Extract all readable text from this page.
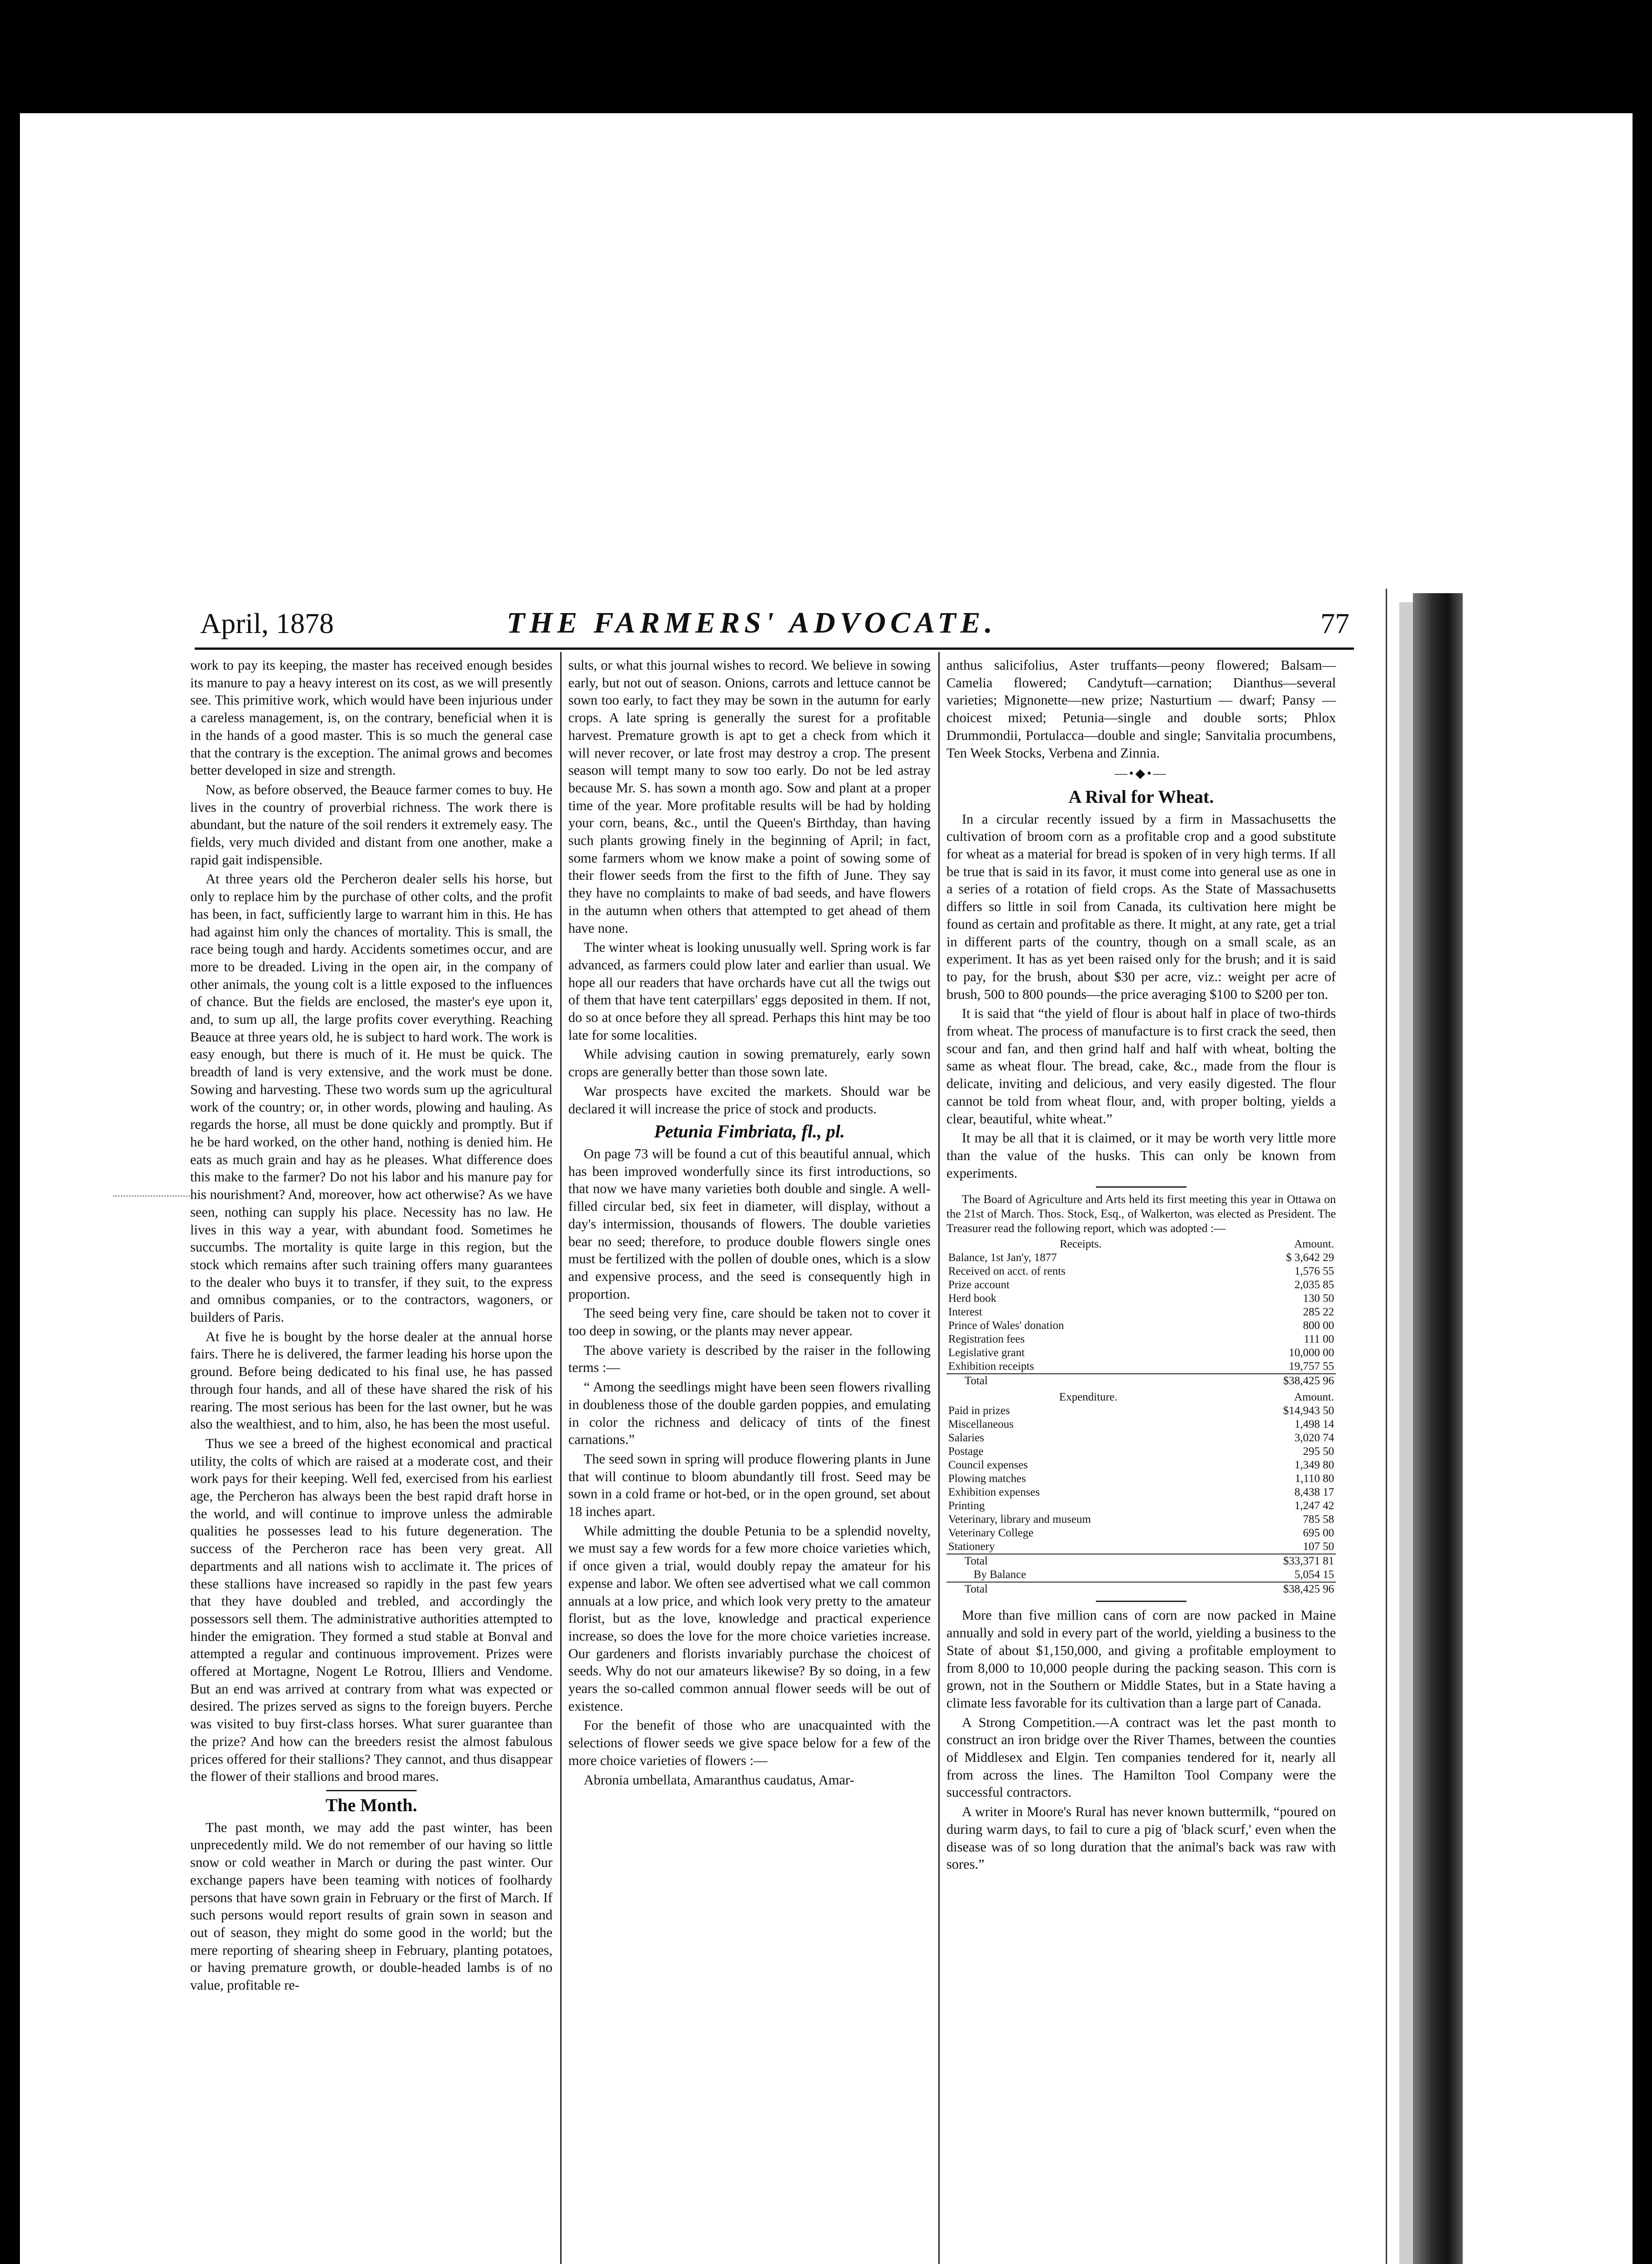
April, 1878	THE FARMERS' ADVOCATE.	77

work to pay its keeping, the master has received enough besides its manure to pay a heavy interest on its cost, as we will presently see. This primitive work, which would have been injurious under a careless management, is, on the contrary, beneficial when it is in the hands of a good master. This is so much the general case that the contrary is the exception. The animal grows and becomes better developed in size and strength.

Now, as before observed, the Beauce farmer comes to buy. He lives in the country of proverbial richness. The work there is abundant, but the nature of the soil renders it extremely easy. The fields, very much divided and distant from one another, make a rapid gait indispensible.

At three years old the Percheron dealer sells his horse, but only to replace him by the purchase of other colts, and the profit has been, in fact, sufficiently large to warrant him in this. He has had against him only the chances of mortality. This is small, the race being tough and hardy. Accidents sometimes occur, and are more to be dreaded. Living in the open air, in the company of other animals, the young colt is a little exposed to the influences of chance. But the fields are enclosed, the master's eye upon it, and, to sum up all, the large profits cover everything. Reaching Beauce at three years old, he is subject to hard work. The work is easy enough, but there is much of it. He must be quick. The breadth of land is very extensive, and the work must be done. Sowing and harvesting. These two words sum up the agricultural work of the country; or, in other words, plowing and hauling. As regards the horse, all must be done quickly and promptly. But if he be hard worked, on the other hand, nothing is denied him. He eats as much grain and hay as he pleases. What difference does this make to the farmer? Do not his labor and his manure pay for his nourishment? And, moreover, how act otherwise? As we have seen, nothing can supply his place. Necessity has no law. He lives in this way a year, with abundant food. Sometimes he succumbs. The mortality is quite large in this region, but the stock which remains after such training offers many guarantees to the dealer who buys it to transfer, if they suit, to the express and omnibus companies, or to the contractors, wagoners, or builders of Paris.

At five he is bought by the horse dealer at the annual horse fairs. There he is delivered, the farmer leading his horse upon the ground. Before being dedicated to his final use, he has passed through four hands, and all of these have shared the risk of his rearing. The most serious has been for the last owner, but he was also the wealthiest, and to him, also, he has been the most useful.

Thus we see a breed of the highest economical and practical utility, the colts of which are raised at a moderate cost, and their work pays for their keeping. Well fed, exercised from his earliest age, the Percheron has always been the best rapid draft horse in the world, and will continue to improve unless the admirable qualities he possesses lead to his future degeneration. The success of the Percheron race has been very great. All departments and all nations wish to acclimate it. The prices of these stallions have increased so rapidly in the past few years that they have doubled and trebled, and accordingly the possessors sell them. The administrative authorities attempted to hinder the emigration. They formed a stud stable at Bonval and attempted a regular and continuous improvement. Prizes were offered at Mortagne, Nogent Le Rotrou, Illiers and Vendome. But an end was arrived at contrary from what was expected or desired. The prizes served as signs to the foreign buyers. Perche was visited to buy first-class horses. What surer guarantee than the prize? And how can the breeders resist the almost fabulous prices offered for their stallions? They cannot, and thus disappear the flower of their stallions and brood mares.

The Month.

The past month, we may add the past winter, has been unprecedently mild. We do not remember of our having so little snow or cold weather in March or during the past winter. Our exchange papers have been teaming with notices of foolhardy persons that have sown grain in February or the first of March. If such persons would report results of grain sown in season and out of season, they might do some good in the world; but the mere reporting of shearing sheep in February, planting potatoes, or having premature growth, or double-headed lambs is of no value, profitable re-

sults, or what this journal wishes to record. We believe in sowing early, but not out of season. Onions, carrots and lettuce cannot be sown too early, to fact they may be sown in the autumn for early crops. A late spring is generally the surest for a profitable harvest. Premature growth is apt to get a check from which it will never recover, or late frost may destroy a crop. The present season will tempt many to sow too early. Do not be led astray because Mr. S. has sown a month ago. Sow and plant at a proper time of the year. More profitable results will be had by holding your corn, beans, &c., until the Queen's Birthday, than having such plants growing finely in the beginning of April; in fact, some farmers whom we know make a point of sowing some of their flower seeds from the first to the fifth of June. They say they have no complaints to make of bad seeds, and have flowers in the autumn when others that attempted to get ahead of them have none.

The winter wheat is looking unusually well. Spring work is far advanced, as farmers could plow later and earlier than usual. We hope all our readers that have orchards have cut all the twigs out of them that have tent caterpillars' eggs deposited in them. If not, do so at once before they all spread. Perhaps this hint may be too late for some localities.

While advising caution in sowing prematurely, early sown crops are generally better than those sown late.

War prospects have excited the markets. Should war be declared it will increase the price of stock and products.

Petunia Fimbriata, fl., pl.

On page 73 will be found a cut of this beautiful annual, which has been improved wonderfully since its first introductions, so that now we have many varieties both double and single. A well-filled circular bed, six feet in diameter, will display, without a day's intermission, thousands of flowers. The double varieties bear no seed; therefore, to produce double flowers single ones must be fertilized with the pollen of double ones, which is a slow and expensive process, and the seed is consequently high in proportion.

The seed being very fine, care should be taken not to cover it too deep in sowing, or the plants may never appear.

The above variety is described by the raiser in the following terms :—

“ Among the seedlings might have been seen flowers rivalling in doubleness those of the double garden poppies, and emulating in color the richness and delicacy of tints of the finest carnations.”

The seed sown in spring will produce flowering plants in June that will continue to bloom abundantly till frost. Seed may be sown in a cold frame or hot-bed, or in the open ground, set about 18 inches apart.

While admitting the double Petunia to be a splendid novelty, we must say a few words for a few more choice varieties which, if once given a trial, would doubly repay the amateur for his expense and labor. We often see advertised what we call common annuals at a low price, and which look very pretty to the amateur florist, but as the love, knowledge and practical experience increase, so does the love for the more choice varieties increase. Our gardeners and florists invariably purchase the choicest of seeds. Why do not our amateurs likewise? By so doing, in a few years the so-called common annual flower seeds will be out of existence.

For the benefit of those who are unacquainted with the selections of flower seeds we give space below for a few of the more choice varieties of flowers :—

Abronia umbellata, Amaranthus caudatus, Amar-

anthus salicifolius, Aster truffants—peony flowered; Balsam—Camelia flowered; Candytuft—carnation; Dianthus—several varieties; Mignonette—new prize; Nasturtium — dwarf; Pansy — choicest mixed; Petunia—single and double sorts; Phlox Drummondii, Portulacca—double and single; Sanvitalia procumbens, Ten Week Stocks, Verbena and Zinnia.

—•◆•—
A Rival for Wheat.

In a circular recently issued by a firm in Massachusetts the cultivation of broom corn as a profitable crop and a good substitute for wheat as a material for bread is spoken of in very high terms. If all be true that is said in its favor, it must come into general use as one in a series of a rotation of field crops. As the State of Massachusetts differs so little in soil from Canada, its cultivation here might be found as certain and profitable as there. It might, at any rate, get a trial in different parts of the country, though on a small scale, as an experiment. It has as yet been raised only for the brush; and it is said to pay, for the brush, about $30 per acre, viz.: weight per acre of brush, 500 to 800 pounds—the price averaging $100 to $200 per ton.

It is said that “the yield of flour is about half in place of two-thirds from wheat. The process of manufacture is to first crack the seed, then scour and fan, and then grind half and half with wheat, bolting the same as wheat flour. The bread, cake, &c., made from the flour is delicate, inviting and delicious, and very easily digested. The flour cannot be told from wheat flour, and, with proper bolting, yields a clear, beautiful, white wheat.”

It may be all that it is claimed, or it may be worth very little more than the value of the husks. This can only be known from experiments.

The Board of Agriculture and Arts held its first meeting this year in Ottawa on the 21st of March. Thos. Stock, Esq., of Walkerton, was elected as President. The Treasurer read the following report, which was adopted :—

Receipts.	Amount.
Balance, 1st Jan'y, 1877	$ 3,642 29
Received on acct. of rents	1,576 55
Prize account	2,035 85
Herd book	130 50
Interest	285 22
Prince of Wales' donation	800 00
Registration fees	111 00
Legislative grant	10,000 00
Exhibition receipts	19,757 55
Total	$38,425 96
Expenditure.	Amount.
Paid in prizes	$14,943 50
Miscellaneous	1,498 14
Salaries	3,020 74
Postage	295 50
Council expenses	1,349 80
Plowing matches	1,110 80
Exhibition expenses	8,438 17
Printing	1,247 42
Veterinary, library and museum	785 58
Veterinary College	695 00
Stationery	107 50
Total	$33,371 81
By Balance	5,054 15
Total	$38,425 96

More than five million cans of corn are now packed in Maine annually and sold in every part of the world, yielding a business to the State of about $1,150,000, and giving a profitable employment to from 8,000 to 10,000 people during the packing season. This corn is grown, not in the Southern or Middle States, but in a State having a climate less favorable for its cultivation than a large part of Canada.

A Strong Competition.—A contract was let the past month to construct an iron bridge over the River Thames, between the counties of Middlesex and Elgin. Ten companies tendered for it, nearly all from across the lines. The Hamilton Tool Company were the successful contractors.

A writer in Moore's Rural has never known buttermilk, “poured on during warm days, to fail to cure a pig of 'black scurf,' even when the disease was of so long duration that the animal's back was raw with sores.”
